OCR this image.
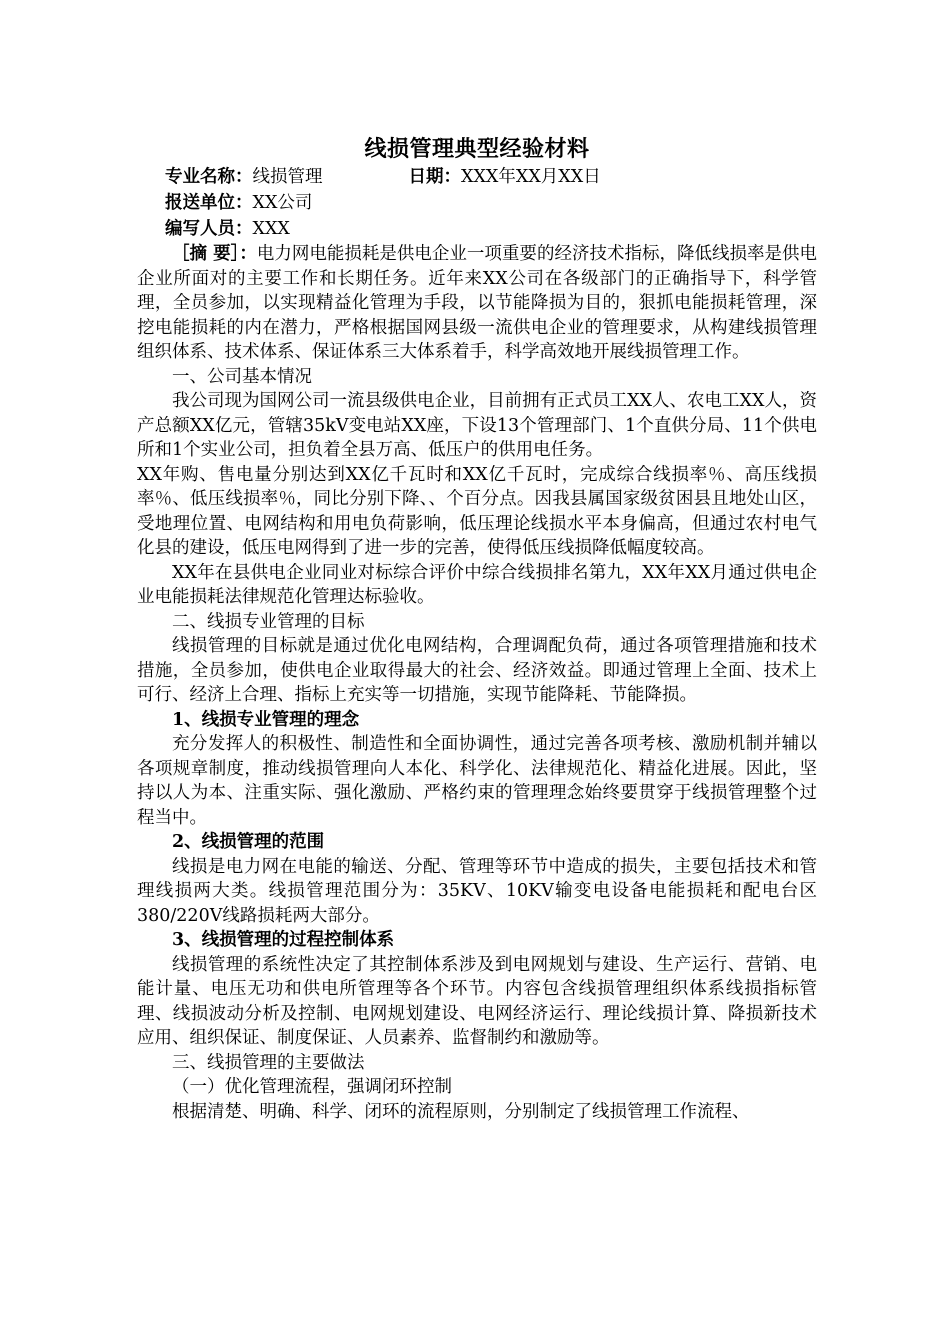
线损管理典型经验材料
专业名称：线损管理	日期：XXX年XX月XX日
报送单位：XX公司
编写人员：XXX

［摘 要］：电力网电能损耗是供电企业一项重要的经济技术指标，降低线损率是供电企业所面对的主要工作和长期任务。近年来XX公司在各级部门的正确指导下，科学管理，全员参加，以实现精益化管理为手段，以节能降损为目的，狠抓电能损耗管理，深挖电能损耗的内在潜力，严格根据国网县级一流供电企业的管理要求，从构建线损管理组织体系、技术体系、保证体系三大体系着手，科学高效地开展线损管理工作。

一、公司基本情况

我公司现为国网公司一流县级供电企业，目前拥有正式员工XX人、农电工XX人，资产总额XX亿元，管辖35kV变电站XX座，下设13个管理部门、1个直供分局、11个供电所和1个实业公司，担负着全县万高、低压户的供用电任务。

XX年购、售电量分别达到XX亿千瓦时和XX亿千瓦时，完成综合线损率％、高压线损率％、低压线损率％，同比分别下降、、个百分点。因我县属国家级贫困县且地处山区，受地理位置、电网结构和用电负荷影响，低压理论线损水平本身偏高，但通过农村电气化县的建设，低压电网得到了进一步的完善，使得低压线损降低幅度较高。

XX年在县供电企业同业对标综合评价中综合线损排名第九，XX年XX月通过供电企业电能损耗法律规范化管理达标验收。

二、线损专业管理的目标

线损管理的目标就是通过优化电网结构，合理调配负荷，通过各项管理措施和技术措施，全员参加，使供电企业取得最大的社会、经济效益。即通过管理上全面、技术上可行、经济上合理、指标上充实等一切措施，实现节能降耗、节能降损。

1、线损专业管理的理念

充分发挥人的积极性、制造性和全面协调性，通过完善各项考核、激励机制并辅以各项规章制度，推动线损管理向人本化、科学化、法律规范化、精益化进展。因此，坚持以人为本、注重实际、强化激励、严格约束的管理理念始终要贯穿于线损管理整个过程当中。

2、线损管理的范围

线损是电力网在电能的输送、分配、管理等环节中造成的损失，主要包括技术和管理线损两大类。线损管理范围分为：35KV、10KV输变电设备电能损耗和配电台区380/220V线路损耗两大部分。

3、线损管理的过程控制体系

线损管理的系统性决定了其控制体系涉及到电网规划与建设、生产运行、营销、电能计量、电压无功和供电所管理等各个环节。内容包含线损管理组织体系线损指标管理、线损波动分析及控制、电网规划建设、电网经济运行、理论线损计算、降损新技术应用、组织保证、制度保证、人员素养、监督制约和激励等。

三、线损管理的主要做法

（一）优化管理流程，强调闭环控制

根据清楚、明确、科学、闭环的流程原则，分别制定了线损管理工作流程、
